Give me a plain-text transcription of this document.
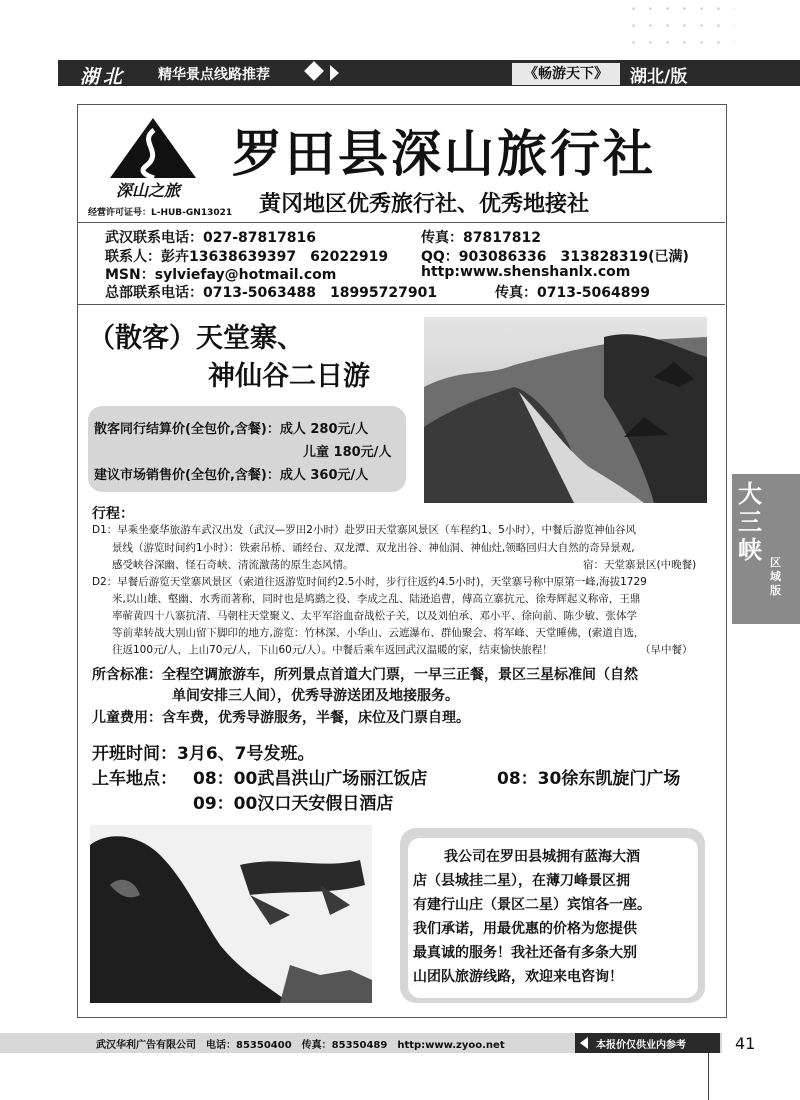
湖北 精华景点线路推荐	《畅游天下》	湖北/版
深山之旅
经营许可证号：L-HUB-GN13021
罗田县深山旅行社
黄冈地区优秀旅行社、优秀地接社
武汉联系电话：027-87817816	传真：87817812
联系人：彭卉13638639397　62022919 QQ：903086336　313828319(已满)
MSN：sylviefay@hotmail.com	http:www.shenshanlx.com
总部联系电话：0713-5063488　18995727901	传真：0713-5064899
（散客）天堂寨、
神仙谷二日游
散客同行结算价(全包价,含餐)：成人 280元/人
儿童 180元/人
建议市场销售价(全包价,含餐)：成人 360元/人
行程：
D1：早乘坐豪华旅游车武汉出发（武汉—罗田2小时）赴罗田天堂寨风景区（车程约1、5小时），中餐后游览神仙谷风
景线（游览时间约1小时）：铁索吊桥、诵经台、双龙潭、双龙出谷、神仙洞、神仙灶,领略回归大自然的奇异景观,
感受峡谷深幽、怪石奇峡、清流激荡的原生态风情。	宿：天堂寨景区(中晚餐)
D2：早餐后游览天堂寨风景区（索道往返游览时间约2.5小时，步行往返约4.5小时)，天堂寨号称中原第一峰,海拔1729
米,以山雄、壑幽、水秀而著称，同时也是鸠鹚之役、李成之乱、陆逊追曹，傅高立寨抗元、徐寿辉起义称帝，王鼎
率蕲黄四十八寨抗清、马朝柱天堂聚义、太平军浴血奋战松子关，以及刘伯承、邓小平、徐向前、陈少敏、张体学
等前辈转战大别山留下脚印的地方,游览：竹林深、小华山、云遮瀑布、群仙聚会、将军峰、天堂睡佛，(索道自选，
往返100元/人，上山70元/人，下山60元/人）。中餐后乘车返回武汉温暖的家，结束愉快旅程！	（早中餐）
所含标准：全程空调旅游车，所列景点首道大门票，一早三正餐，景区三星标准间（自然
单间安排三人间），优秀导游送团及地接服务。
儿童费用：含车费，优秀导游服务，半餐，床位及门票自理。
开班时间：3月6、7号发班。
上车地点： 08：00武昌洪山广场丽江饭店	08：30徐东凯旋门广场
09：00汉口天安假日酒店
我公司在罗田县城拥有蓝海大酒
店（县城挂二星），在薄刀峰景区拥
有建行山庄（景区二星）宾馆各一座。
我们承诺，用最优惠的价格为您提供
最真诚的服务！我社还备有多条大别
山团队旅游线路，欢迎来电咨询！
大三峡 区域版
武汉华利广告有限公司　电话：85350400　传真：85350489　http:www.zyoo.net	本报价仅供业内参考	41
